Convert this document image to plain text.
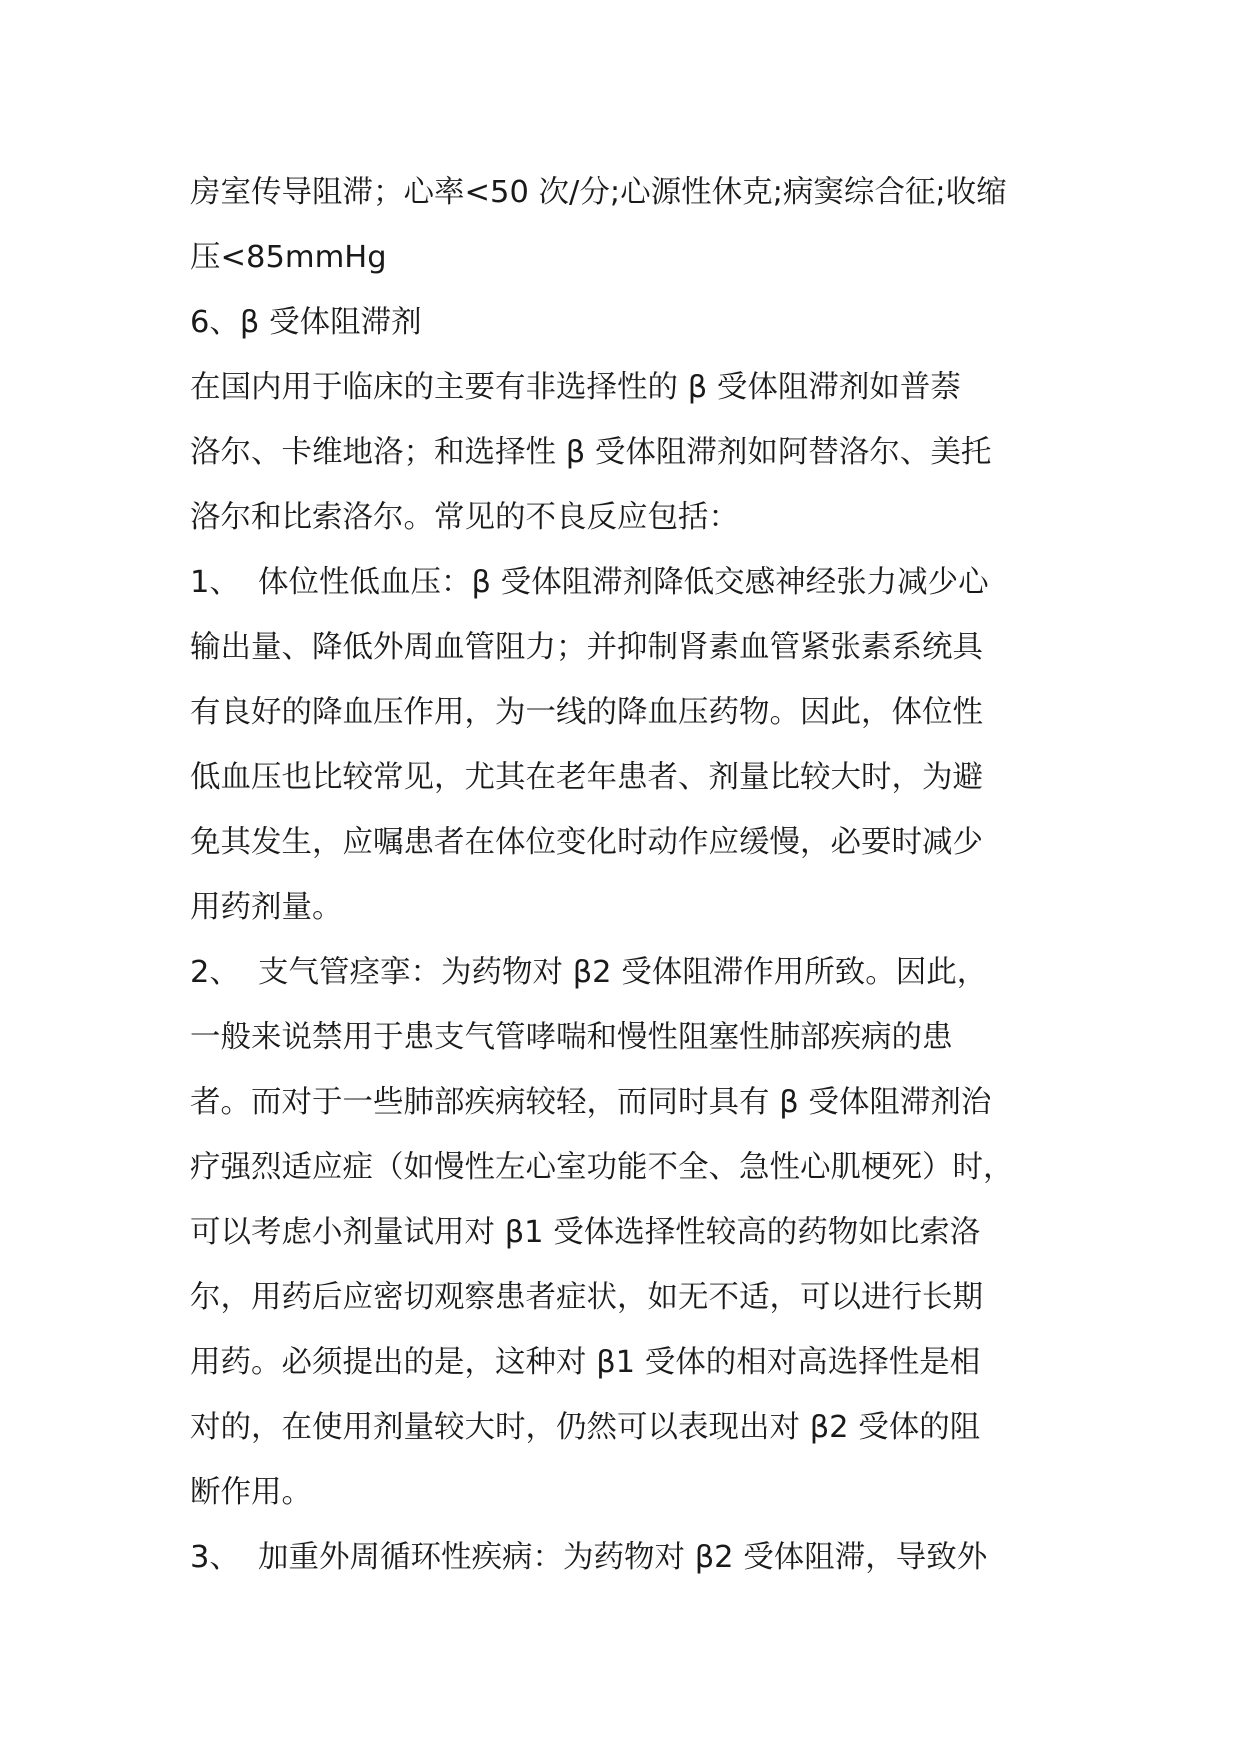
房室传导阻滞；心率<50 次/分;心源性休克;病窦综合征;收缩
压<85mmHg
6、β 受体阻滞剂
在国内用于临床的主要有非选择性的 β 受体阻滞剂如普萘
洛尔、卡维地洛；和选择性 β 受体阻滞剂如阿替洛尔、美托
洛尔和比索洛尔。常见的不良反应包括：
1、 体位性低血压：β 受体阻滞剂降低交感神经张力减少心
输出量、降低外周血管阻力；并抑制肾素血管紧张素系统具
有良好的降血压作用，为一线的降血压药物。因此，体位性
低血压也比较常见，尤其在老年患者、剂量比较大时，为避
免其发生，应嘱患者在体位变化时动作应缓慢，必要时减少
用药剂量。
2、 支气管痉挛：为药物对 β2 受体阻滞作用所致。因此，
一般来说禁用于患支气管哮喘和慢性阻塞性肺部疾病的患
者。而对于一些肺部疾病较轻，而同时具有 β 受体阻滞剂治
疗强烈适应症（如慢性左心室功能不全、急性心肌梗死）时，
可以考虑小剂量试用对 β1 受体选择性较高的药物如比索洛
尔，用药后应密切观察患者症状，如无不适，可以进行长期
用药。必须提出的是，这种对 β1 受体的相对高选择性是相
对的，在使用剂量较大时，仍然可以表现出对 β2 受体的阻
断作用。
3、 加重外周循环性疾病：为药物对 β2 受体阻滞，导致外
